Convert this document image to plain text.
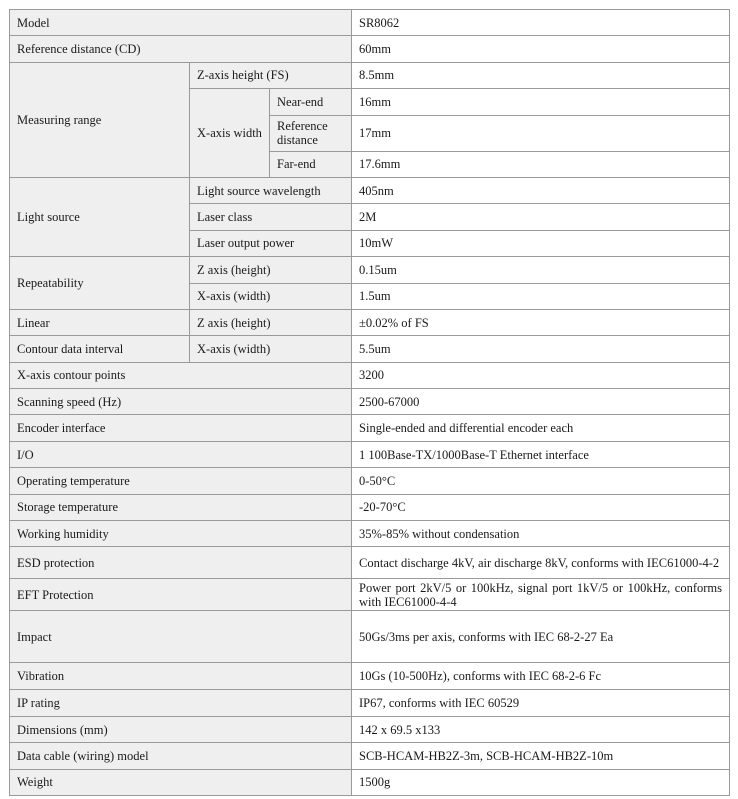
Model			SR8062
Reference distance (CD)			60mm
Measuring range	Z-axis height (FS)		8.5mm
	X-axis width	Near-end	16mm
		Reference distance	17mm
		Far-end	17.6mm
Light source	Light source wavelength		405nm
	Laser class		2M
	Laser output power		10mW
Repeatability	Z axis (height)		0.15um
	X-axis (width)		1.5um
Linear	Z axis (height)		±0.02% of FS
Contour data interval	X-axis (width)		5.5um
X-axis contour points			3200
Scanning speed (Hz)			2500-67000
Encoder interface			Single-ended and differential encoder each
I/O			1 100Base-TX/1000Base-T Ethernet interface
Operating temperature			0-50°C
Storage temperature			-20-70°C
Working humidity			35%-85% without condensation
ESD protection			Contact discharge 4kV, air discharge 8kV, conforms with IEC61000-4-2
EFT Protection			Power port 2kV/5 or 100kHz, signal port 1kV/5 or 100kHz, conforms with IEC61000-4-4
Impact			50Gs/3ms per axis, conforms with IEC 68-2-27 Ea
Vibration			10Gs (10-500Hz), conforms with IEC 68-2-6 Fc
IP rating			IP67, conforms with IEC 60529
Dimensions (mm)			142 x 69.5 x133
Data cable (wiring) model			SCB-HCAM-HB2Z-3m, SCB-HCAM-HB2Z-10m
Weight			1500g
